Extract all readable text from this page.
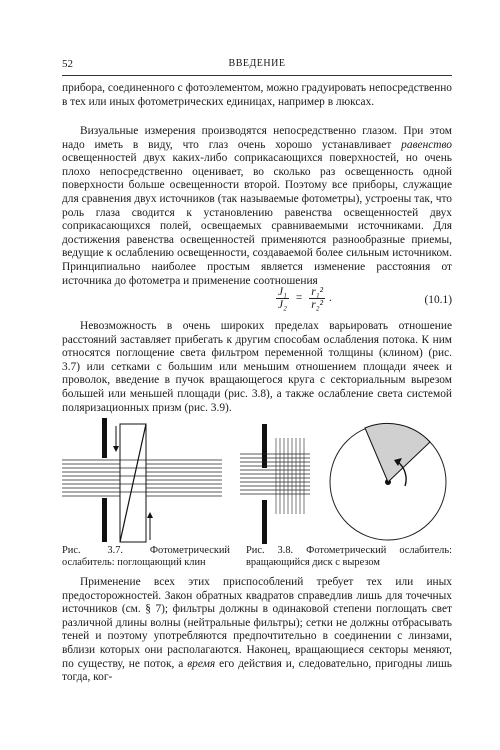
52	ВВЕДЕНИЕ
прибора, соединенного с фотоэлементом, можно градуировать непосредственно в тех или иных фотометрических единицах, например в люксах.
Визуальные измерения производятся непосредственно глазом. При этом надо иметь в виду, что глаз очень хорошо устанавливает равенство освещенностей двух каких-либо соприкасающихся поверхностей, но очень плохо непосредственно оценивает, во сколько раз освещенность одной поверхности больше освещенности второй. Поэтому все приборы, служащие для сравнения двух источников (так называемые фотометры), устроены так, что роль глаза сводится к установлению равенства освещенностей двух соприкасающихся полей, освещаемых сравниваемыми источниками. Для достижения равенства освещенностей применяются разнообразные приемы, ведущие к ослаблению освещенности, создаваемой более сильным источником. Принципиально наиболее простым является изменение расстояния от источника до фотометра и применение соотношения
$\frac{\text{J₁}}{\text{J₂}} = \frac{\text{r₁²}}{\text{r₂²}}$ .	(10.1)
Невозможность в очень широких пределах варьировать отношение расстояний заставляет прибегать к другим способам ослабления потока. К ним относятся поглощение света фильтром переменной толщины (клином) (рис. 3.7) или сетками с большим или меньшим отношением площади ячеек и проволок, введение в пучок вращающегося круга с секториальным вырезом большей или меньшей площади (рис. 3.8), а также ослабление света системой поляризационных призм (рис. 3.9).
Рис. 3.7. Фотометрический ослабитель: поглощающий клин
Рис. 3.8. Фотометрический ослабитель: вращающийся диск с вырезом
Применение всех этих приспособлений требует тех или иных предосторожностей. Закон обратных квадратов справедлив лишь для точечных источников (см. § 7); фильтры должны в одинаковой степени поглощать свет различной длины волны (нейтральные фильтры); сетки не должны отбрасывать теней и поэтому употребляются предпочтительно в соединении с линзами, вблизи которых они располагаются. Наконец, вращающиеся секторы меняют, по существу, не поток, а время его действия и, следовательно, пригодны лишь тогда, ког-
